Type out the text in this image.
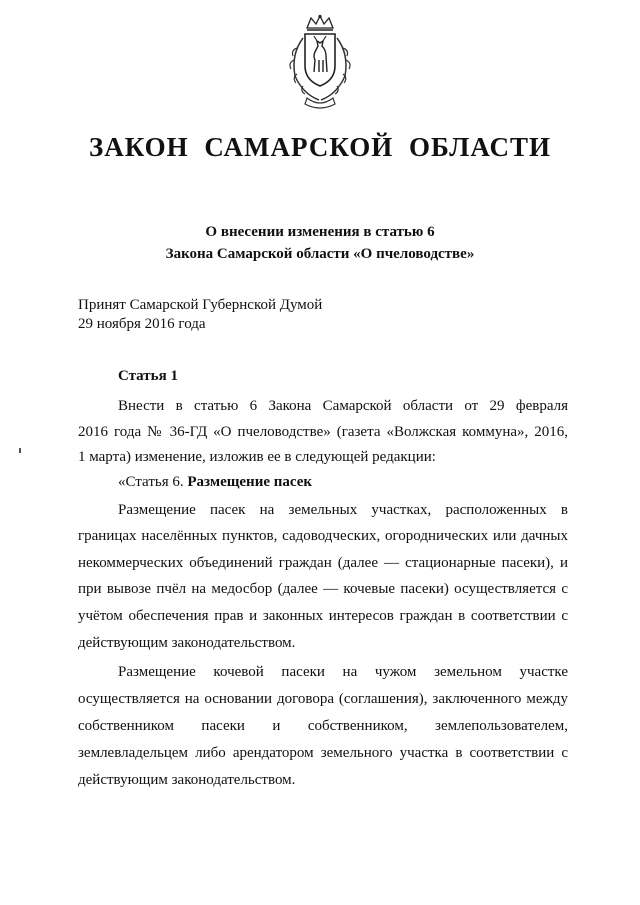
ЗАКОН САМАРСКОЙ ОБЛАСТИ
О внесении изменения в статью 6
Закона Самарской области «О пчеловодстве»
Принят Самарской Губернской Думой
29 ноября 2016 года
Статья 1
Внести в статью 6 Закона Самарской области от 29 февраля
2016 года № 36-ГД «О пчеловодстве» (газета «Волжская коммуна», 2016,
1 марта) изменение, изложив ее в следующей редакции:
«Статья 6. Размещение пасек
Размещение пасек на земельных участках, расположенных в
границах населённых пунктов, садоводческих, огороднических или дачных
некоммерческих объединений граждан (далее — стационарные пасеки), и
при вывозе пчёл на медосбор (далее — кочевые пасеки) осуществляется с
учётом обеспечения прав и законных интересов граждан в соответствии с
действующим законодательством.
Размещение кочевой пасеки на чужом земельном участке
осуществляется на основании договора (соглашения), заключенного между
собственником пасеки и собственником, землепользователем,
землевладельцем либо арендатором земельного участка в соответствии с
действующим законодательством.
